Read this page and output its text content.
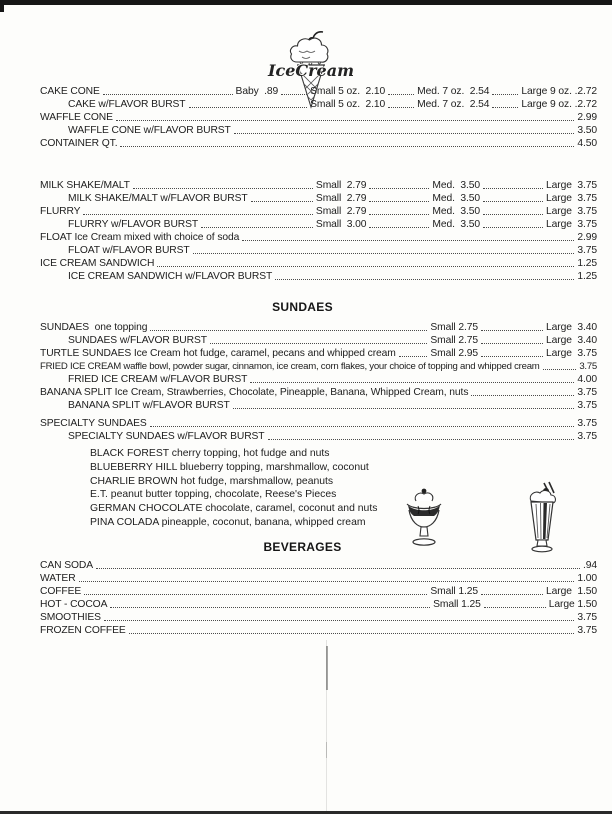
IceCream
CAKE CONE	Baby  .89	Small 5 oz.  2.10	Med. 7 oz.  2.54	Large 9 oz. .2.72
CAKE w/FLAVOR BURST	Small 5 oz.  2.10	Med. 7 oz.  2.54	Large 9 oz. .2.72
WAFFLE CONE	2.99
WAFFLE CONE w/FLAVOR BURST	3.50
CONTAINER QT.	4.50
MILK SHAKE/MALT	Small  2.79	Med.  3.50	Large  3.75
MILK SHAKE/MALT w/FLAVOR BURST	Small  2.79	Med.  3.50	Large  3.75
FLURRY	Small  2.79	Med.  3.50	Large  3.75
FLURRY w/FLAVOR BURST	Small  3.00	Med.  3.50	Large  3.75
FLOAT Ice Cream mixed with choice of soda	2.99
FLOAT w/FLAVOR BURST	3.75
ICE CREAM SANDWICH	1.25
ICE CREAM SANDWICH w/FLAVOR BURST	1.25
SUNDAES
SUNDAES  one topping	Small 2.75	Large  3.40
SUNDAES w/FLAVOR BURST	Small 2.75	Large  3.40
TURTLE SUNDAES Ice Cream hot fudge, caramel, pecans and whipped cream	Small 2.95	Large  3.75
FRIED ICE CREAM waffle bowl, powder sugar, cinnamon, ice cream, corn flakes, your choice of topping and whipped cream	3.75
FRIED ICE CREAM w/FLAVOR BURST	4.00
BANANA SPLIT Ice Cream, Strawberries, Chocolate, Pineapple, Banana, Whipped Cream, nuts	3.75
BANANA SPLIT w/FLAVOR BURST	3.75
SPECIALTY SUNDAES	3.75
SPECIALTY SUNDAES w/FLAVOR BURST	3.75
BLACK FOREST cherry topping, hot fudge and nuts
BLUEBERRY HILL blueberry topping, marshmallow, coconut
CHARLIE BROWN hot fudge, marshmallow, peanuts
E.T. peanut butter topping, chocolate, Reese's Pieces
GERMAN CHOCOLATE chocolate, caramel, coconut and nuts
PINA COLADA pineapple, coconut, banana, whipped cream
BEVERAGES
CAN SODA	.94
WATER	1.00
COFFEE	Small 1.25	Large  1.50
HOT - COCOA	Small 1.25	Large 1.50
SMOOTHIES	3.75
FROZEN COFFEE	3.75
